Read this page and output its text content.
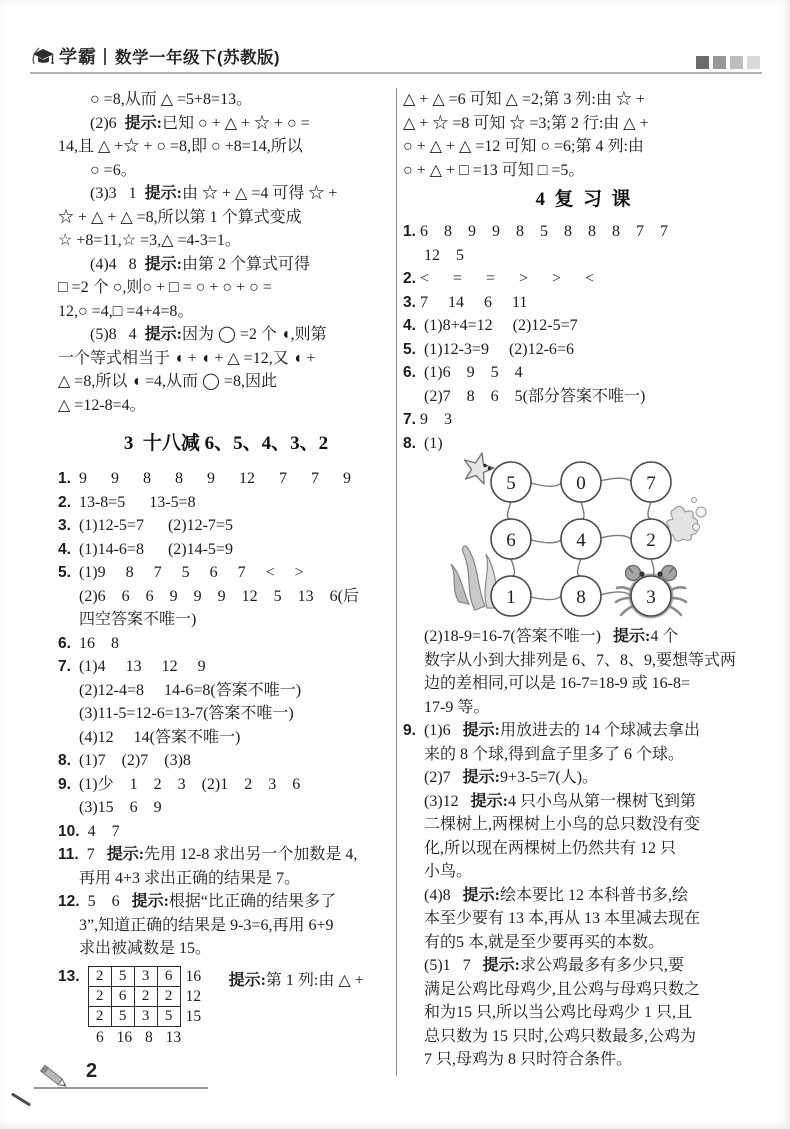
学霸 数学一年级下(苏教版)
○ =8,从而 △ =5+8=13。
(2)6  提示:已知 ○ + △ + ☆ + ○ =
14,且 △ +☆ + ○ =8,即 ○ +8=14,所以
○ =6。
(3)3   1  提示:由 ☆ + △ =4 可得 ☆ +
☆ + △ + △ =8,所以第 1 个算式变成
☆ +8=11,☆ =3,△ =4-3=1。
(4)4   8  提示:由第 2 个算式可得
□ =2 个 ○,则○ + □ = ○ + ○ + ○ =
12,○ =4,□ =4+4=8。
(5)8   4  提示:因为 ◯ =2 个 ◖,则第
一个等式相当于 ◖ + ◖ + △ =12,又 ◖ +
△ =8,所以 ◖ =4,从而 ◯ =8,因此
△ =12-8=4。
3  十八减 6、5、4、3、2
1.  9      9      8      8      9      12      7      7      9
2.  13-8=5      13-5=8
3.  (1)12-5=7      (2)12-7=5
4.  (1)14-6=8      (2)14-5=9
5.  (1)9     8     7     5     6     7     <     >
(2)6    6    6    9    9    9    12    5    13    6(后
四空答案不唯一)
6.  16    8
7.  (1)4     13     12     9
(2)12-4=8     14-6=8(答案不唯一)
(3)11-5=12-6=13-7(答案不唯一)
(4)12     14(答案不唯一)
8.  (1)7    (2)7    (3)8
9.  (1)少    1    2    3    (2)1    2    3    6
(3)15    6    9
10.  4    7
11.  7   提示:先用 12-8 求出另一个加数是 4,
再用 4+3 求出正确的结果是 7。
12.  5    6   提示:根据“比正确的结果多了
3”,知道正确的结果是 9-3=6,再用 6+9
求出被减数是 15。
13. 2	5	3	6	16
2	6	2	2	12
2	5	3	5	15
6 16 8 13
提示:第 1 列:由 △ +
△ + △ =6 可知 △ =2;第 3 列:由 ☆ +
△ + ☆ =8 可知 ☆ =3;第 2 行:由 △ +
○ + △ + △ =12 可知 ○ =6;第 4 列:由
○ + △ + □ =13 可知 □ =5。
4  复  习  课
1. 6    8    9    9    8    5    8    8    8    7    7
12    5
2. <      =      =      >      >      <
3. 7     14     6     11
4.  (1)8+4=12     (2)12-5=7
5.  (1)12-3=9     (2)12-6=6
6.  (1)6    9    5    4
(2)7    8    6    5(部分答案不唯一)
7. 9    3
8.  (1)
5	0	7
6	4	2
1	8	3
(2)18-9=16-7(答案不唯一)   提示:4 个
数字从小到大排列是 6、7、8、9,要想等式两
边的差相同,可以是 16-7=18-9 或 16-8=
17-9 等。
9.  (1)6   提示:用放进去的 14 个球减去拿出
来的 8 个球,得到盒子里多了 6 个球。
(2)7   提示:9+3-5=7(人)。
(3)12   提示:4 只小鸟从第一棵树飞到第
二棵树上,两棵树上小鸟的总只数没有变
化,所以现在两棵树上仍然共有 12 只
小鸟。
(4)8   提示:绘本要比 12 本科普书多,绘
本至少要有 13 本,再从 13 本里减去现在
有的5 本,就是至少要再买的本数。
(5)1   7   提示:求公鸡最多有多少只,要
满足公鸡比母鸡少,且公鸡与母鸡只数之
和为15 只,所以当公鸡比母鸡少 1 只,且
总只数为 15 只时,公鸡只数最多,公鸡为
7 只,母鸡为 8 只时符合条件。
2
